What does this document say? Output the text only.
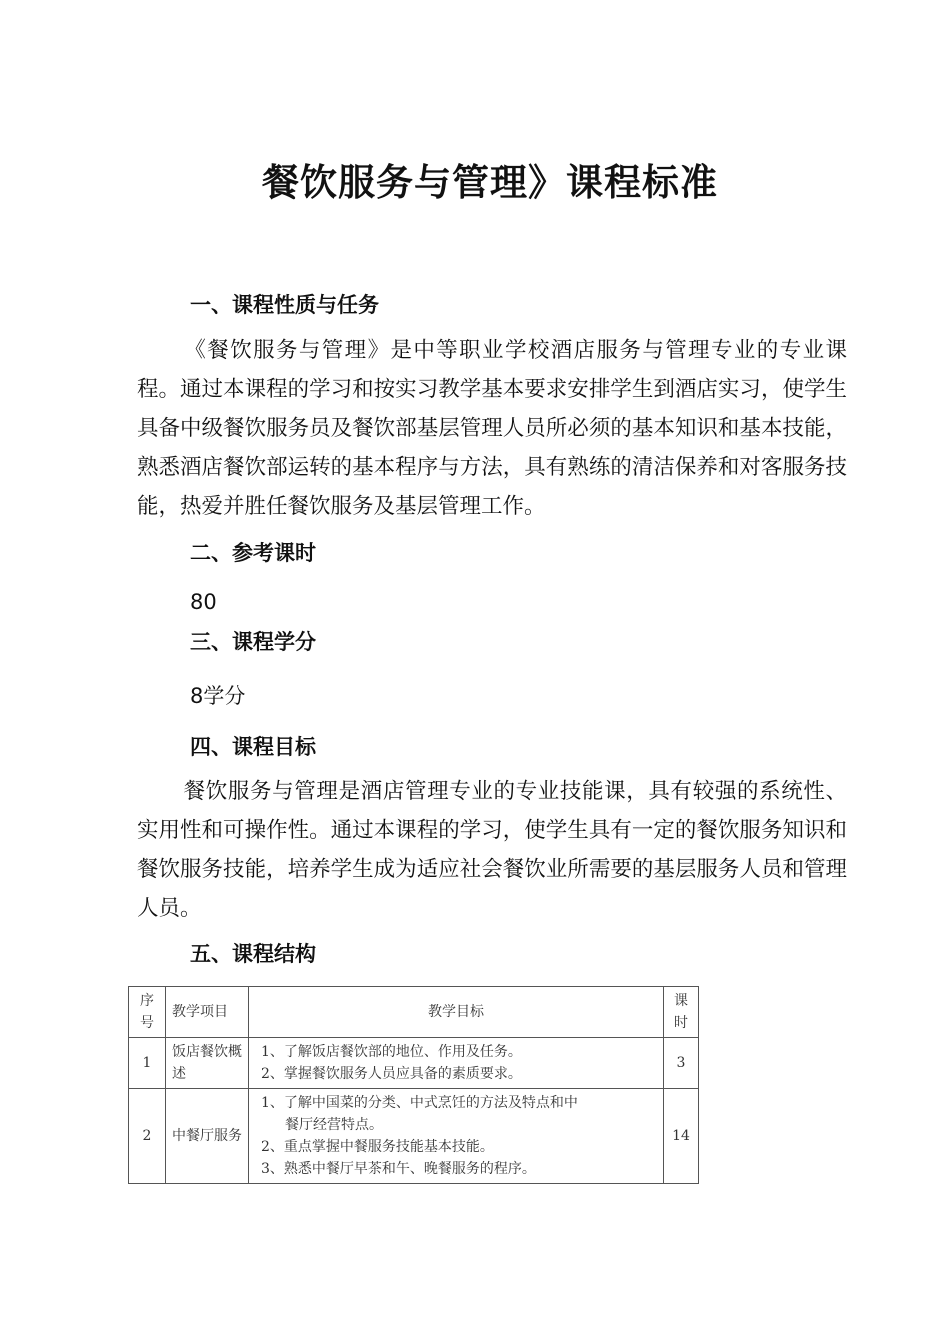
餐饮服务与管理》课程标准
一、课程性质与任务
《餐饮服务与管理》是中等职业学校酒店服务与管理专业的专业课程。通过本课程的学习和按实习教学基本要求安排学生到酒店实习，使学生具备中级餐饮服务员及餐饮部基层管理人员所必须的基本知识和基本技能，熟悉酒店餐饮部运转的基本程序与方法，具有熟练的清洁保养和对客服务技能，热爱并胜任餐饮服务及基层管理工作。
二、参考课时
80
三、课程学分
8学分
四、课程目标
餐饮服务与管理是酒店管理专业的专业技能课，具有较强的系统性、实用性和可操作性。通过本课程的学习，使学生具有一定的餐饮服务知识和餐饮服务技能，培养学生成为适应社会餐饮业所需要的基层服务人员和管理人员。
五、课程结构
序号	教学项目	教学目标	课时
1	饭店餐饮概述	1、了解饭店餐饮部的地位、作用及任务。
2、掌握餐饮服务人员应具备的素质要求。	3
2	中餐厅服务	1、了解中国菜的分类、中式烹饪的方法及特点和中
餐厅经营特点。
2、重点掌握中餐服务技能基本技能。
3、熟悉中餐厅早茶和午、晚餐服务的程序。	14
